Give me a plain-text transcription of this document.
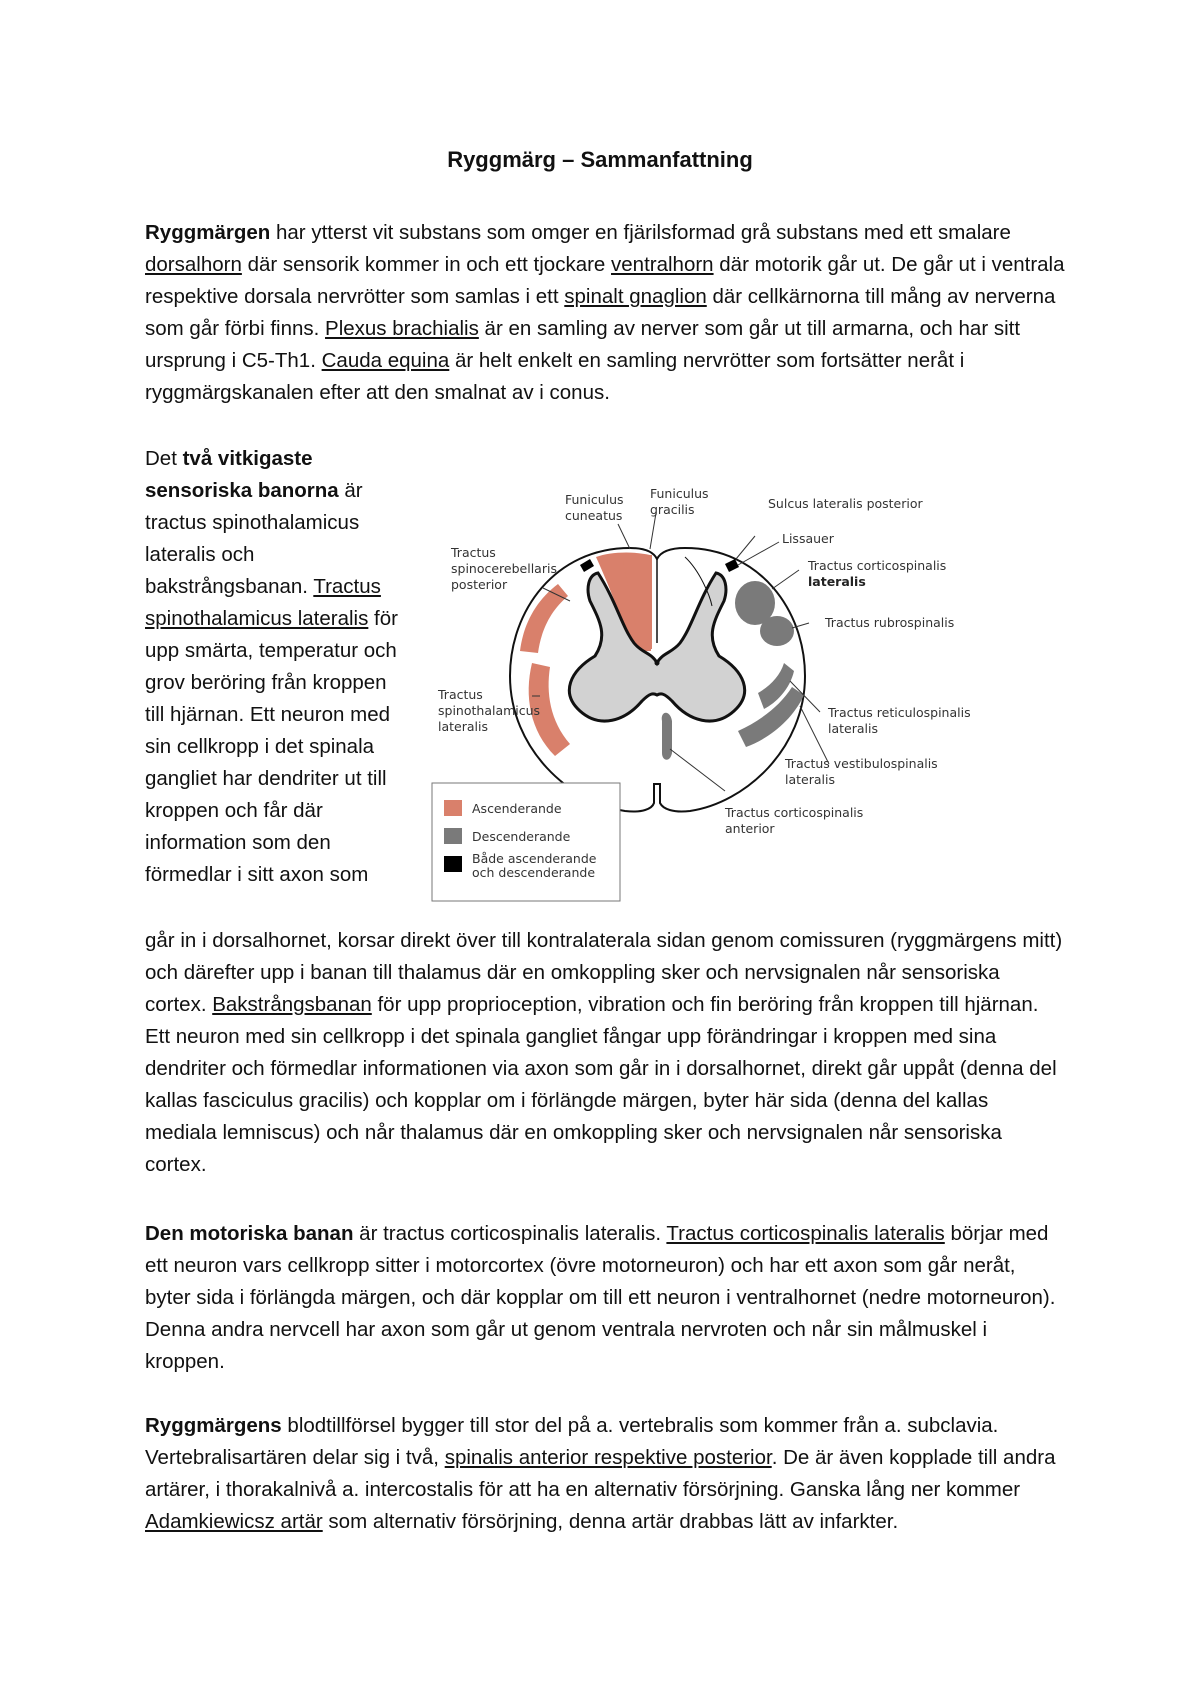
Ryggmärg – Sammanfattning

Ryggmärgen har ytterst vit substans som omger en fjärilsformad grå substans med ett smalare dorsalhorn där sensorik kommer in och ett tjockare ventralhorn där motorik går ut. De går ut i ventrala respektive dorsala nervrötter som samlas i ett spinalt gnaglion där cellkärnorna till mång av nerverna som går förbi finns. Plexus brachialis är en samling av nerver som går ut till armarna, och har sitt ursprung i C5-Th1. Cauda equina är helt enkelt en samling nervrötter som fortsätter neråt i ryggmärgskanalen efter att den smalnat av i conus.

Det två vitkigaste sensoriska banorna är tractus spinothalamicus lateralis och bakstrångsbanan. Tractus spinothalamicus lateralis för upp smärta, temperatur och grov beröring från kroppen till hjärnan. Ett neuron med sin cellkropp i det spinala gangliet har dendriter ut till kroppen och får där information som den förmedlar i sitt axon som

Funiculus cuneatus
Funiculus gracilis	Sulcus lateralis posterior
Lissauer
Tractus spinocerebellaris posterior
Tractus corticospinalis lateralis
Tractus rubrospinalis
Tractus spinothalamicus lateralis
Tractus reticulospinalis lateralis
Tractus vestibulospinalis lateralis
Tractus corticospinalis anterior
Ascenderande
Descenderande
Både ascenderande och descenderande

går in i dorsalhornet, korsar direkt över till kontralaterala sidan genom comissuren (ryggmärgens mitt) och därefter upp i banan till thalamus där en omkoppling sker och nervsignalen når sensoriska cortex. Bakstrångsbanan för upp proprioception, vibration och fin beröring från kroppen till hjärnan. Ett neuron med sin cellkropp i det spinala gangliet fångar upp förändringar i kroppen med sina dendriter och förmedlar informationen via axon som går in i dorsalhornet, direkt går uppåt (denna del kallas fasciculus gracilis) och kopplar om i förlängde märgen, byter här sida (denna del kallas mediala lemniscus) och når thalamus där en omkoppling sker och nervsignalen når sensoriska cortex.

Den motoriska banan är tractus corticospinalis lateralis. Tractus corticospinalis lateralis börjar med ett neuron vars cellkropp sitter i motorcortex (övre motorneuron) och har ett axon som går neråt, byter sida i förlängda märgen, och där kopplar om till ett neuron i ventralhornet (nedre motorneuron). Denna andra nervcell har axon som går ut genom ventrala nervroten och når sin målmuskel i kroppen.

Ryggmärgens blodtillförsel bygger till stor del på a. vertebralis som kommer från a. subclavia. Vertebralisartären delar sig i två, spinalis anterior respektive posterior. De är även kopplade till andra artärer, i thorakalnivå a. intercostalis för att ha en alternativ försörjning. Ganska lång ner kommer Adamkiewicsz artär som alternativ försörjning, denna artär drabbas lätt av infarkter.
